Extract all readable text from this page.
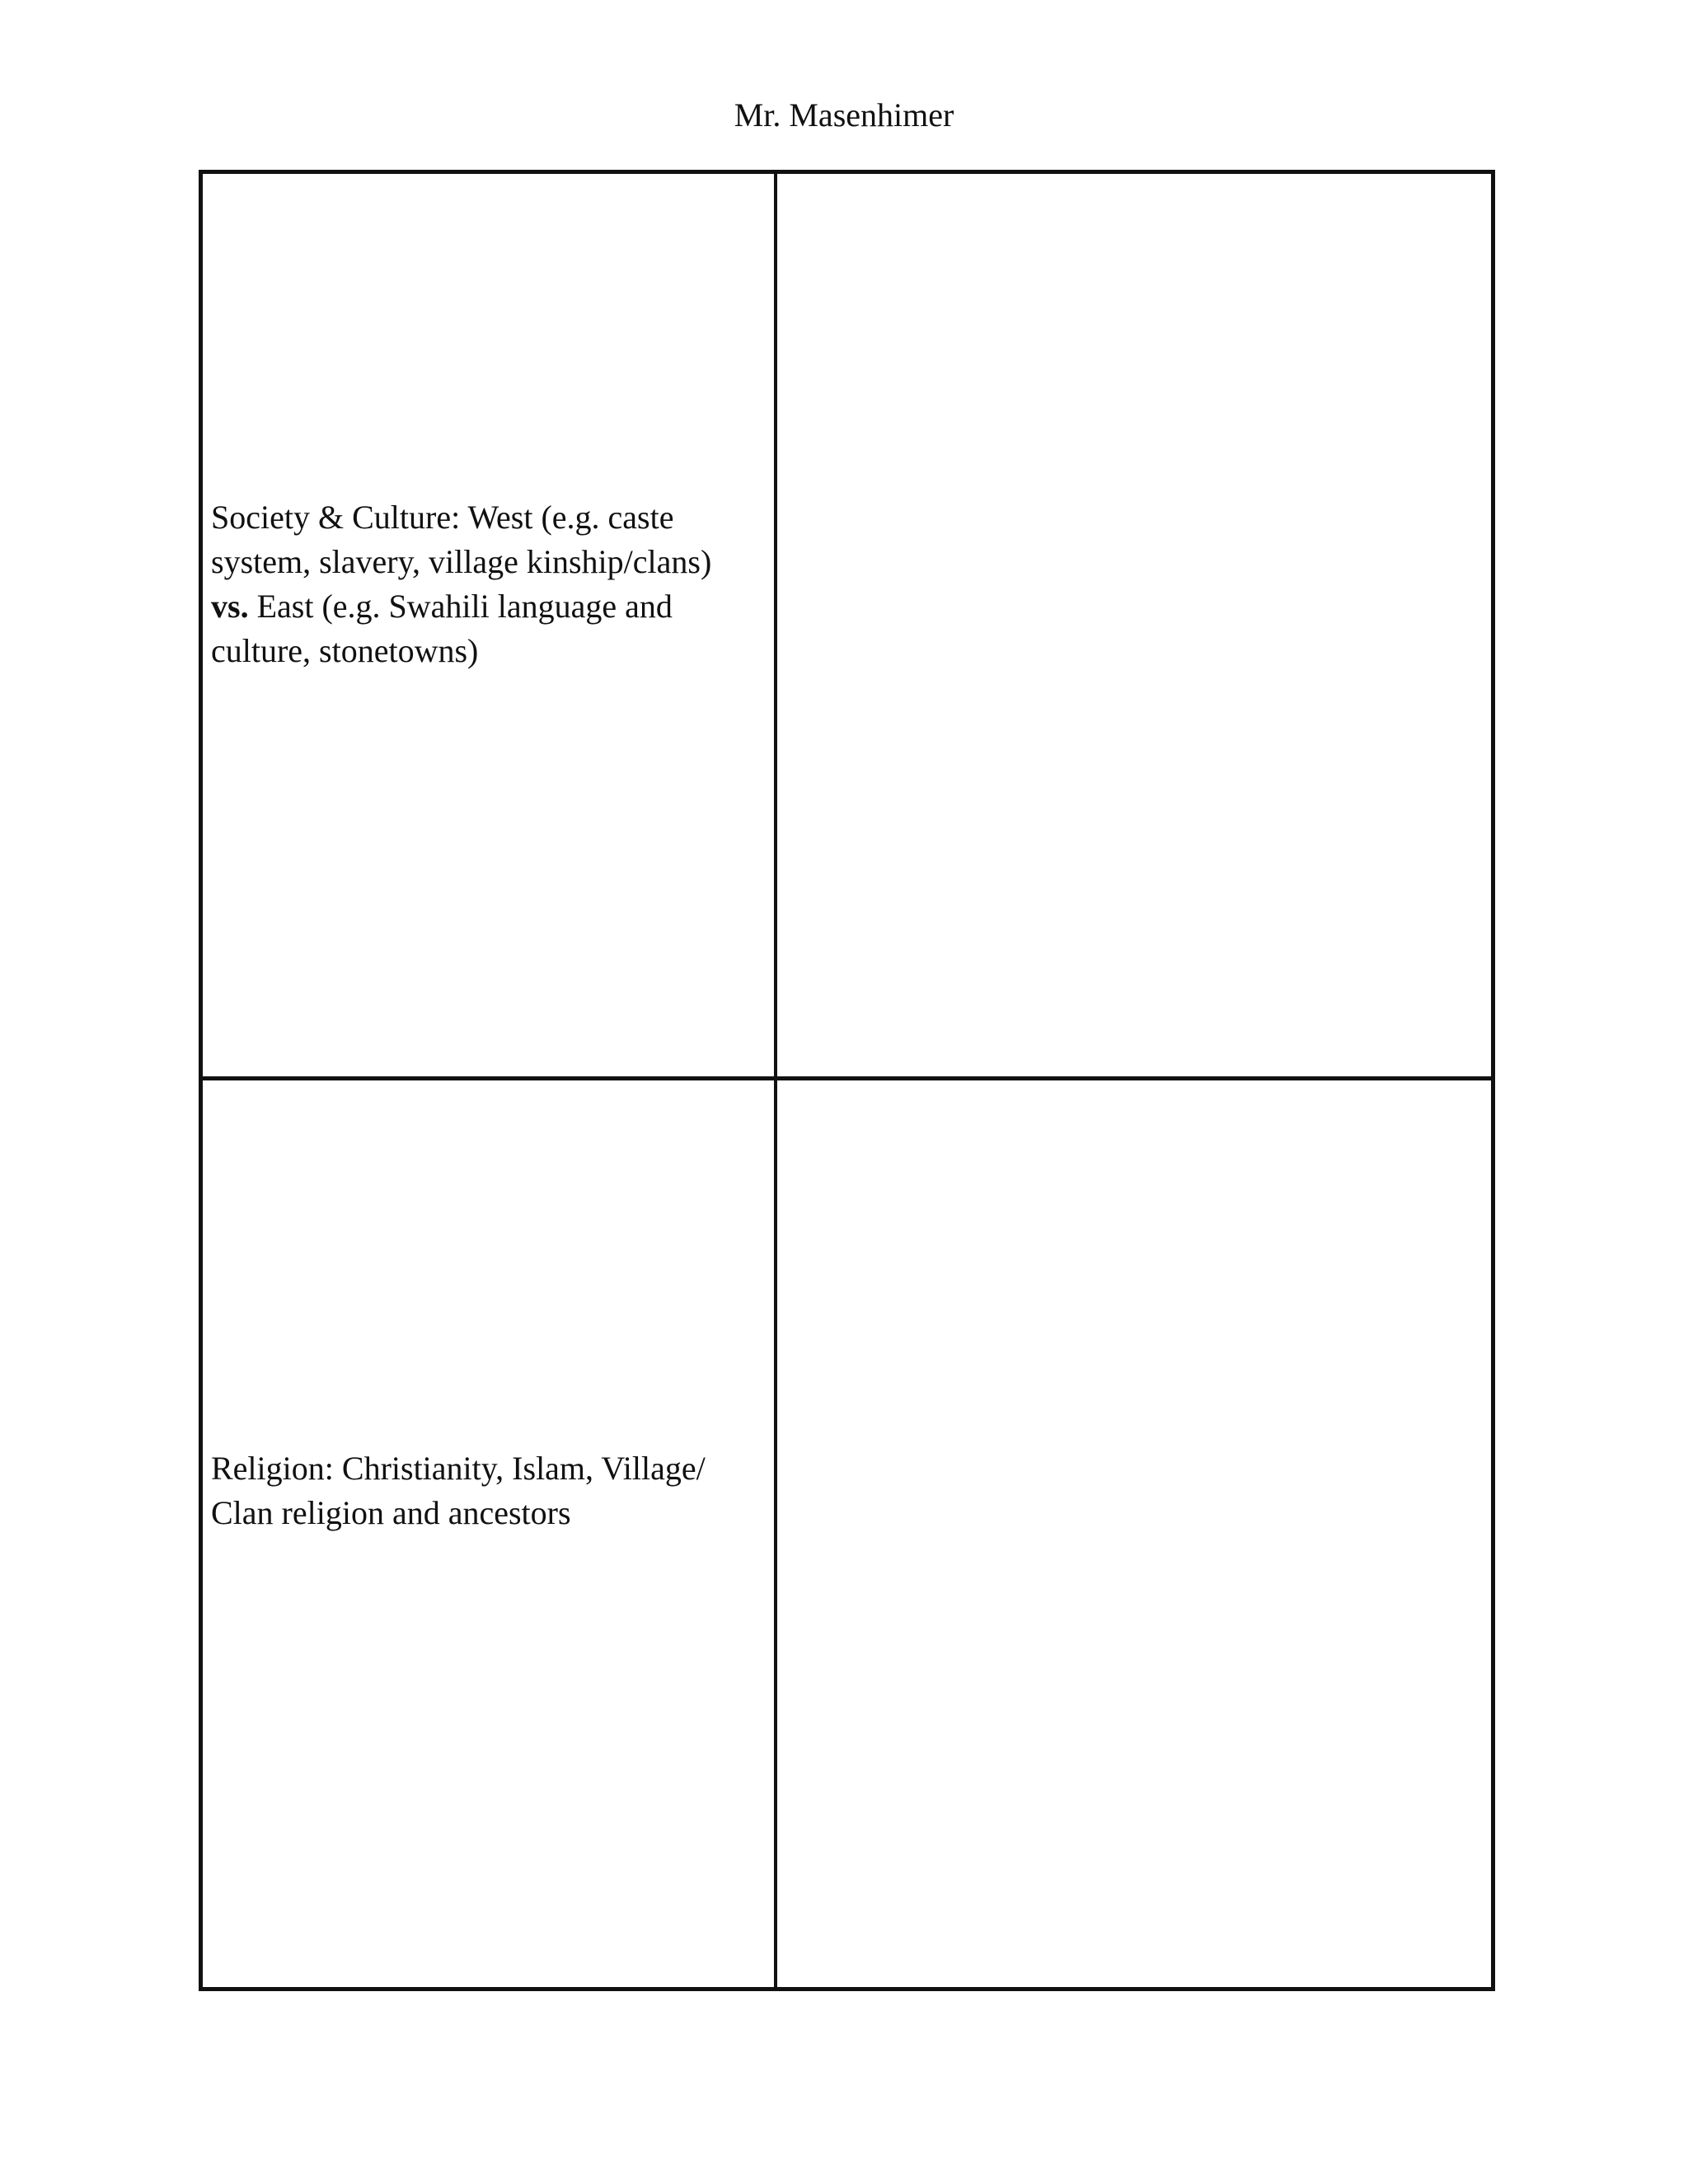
Mr. Masenhimer

Society & Culture: West (e.g. caste system, slavery, village kinship/clans) vs. East (e.g. Swahili language and culture, stonetowns)

Religion: Christianity, Islam, Village/ Clan religion and ancestors
